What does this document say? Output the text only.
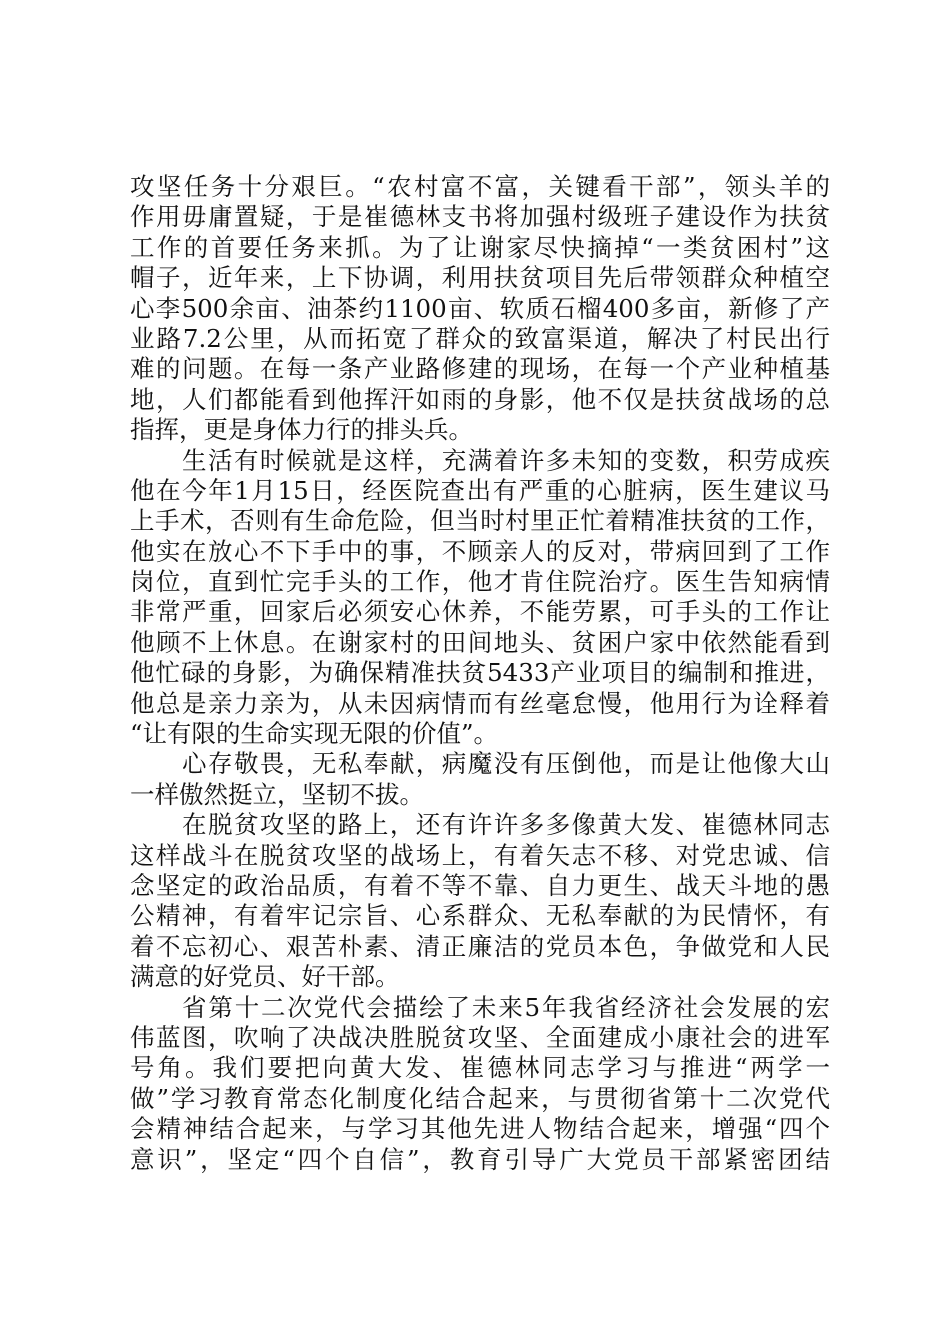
攻坚任务十分艰巨。“农村富不富，关键看干部”，领头羊的
作用毋庸置疑，于是崔德林支书将加强村级班子建设作为扶贫
工作的首要任务来抓。为了让谢家尽快摘掉“一类贫困村”这
帽子，近年来，上下协调，利用扶贫项目先后带领群众种植空
心李500余亩、油茶约1100亩、软质石榴400多亩，新修了产
业路7.2公里，从而拓宽了群众的致富渠道，解决了村民出行
难的问题。在每一条产业路修建的现场，在每一个产业种植基
地，人们都能看到他挥汗如雨的身影，他不仅是扶贫战场的总
指挥，更是身体力行的排头兵。
生活有时候就是这样，充满着许多未知的变数，积劳成疾
他在今年1月15日，经医院查出有严重的心脏病，医生建议马
上手术，否则有生命危险，但当时村里正忙着精准扶贫的工作，
他实在放心不下手中的事，不顾亲人的反对，带病回到了工作
岗位，直到忙完手头的工作，他才肯住院治疗。医生告知病情
非常严重，回家后必须安心休养，不能劳累，可手头的工作让
他顾不上休息。在谢家村的田间地头、贫困户家中依然能看到
他忙碌的身影，为确保精准扶贫5433产业项目的编制和推进，
他总是亲力亲为，从未因病情而有丝毫怠慢，他用行为诠释着
“让有限的生命实现无限的价值”。
心存敬畏，无私奉献，病魔没有压倒他，而是让他像大山
一样傲然挺立，坚韧不拔。
在脱贫攻坚的路上，还有许许多多像黄大发、崔德林同志
这样战斗在脱贫攻坚的战场上，有着矢志不移、对党忠诚、信
念坚定的政治品质，有着不等不靠、自力更生、战天斗地的愚
公精神，有着牢记宗旨、心系群众、无私奉献的为民情怀，有
着不忘初心、艰苦朴素、清正廉洁的党员本色，争做党和人民
满意的好党员、好干部。
省第十二次党代会描绘了未来5年我省经济社会发展的宏
伟蓝图，吹响了决战决胜脱贫攻坚、全面建成小康社会的进军
号角。我们要把向黄大发、崔德林同志学习与推进“两学一
做”学习教育常态化制度化结合起来，与贯彻省第十二次党代
会精神结合起来，与学习其他先进人物结合起来，增强“四个
意识”，坚定“四个自信”，教育引导广大党员干部紧密团结
